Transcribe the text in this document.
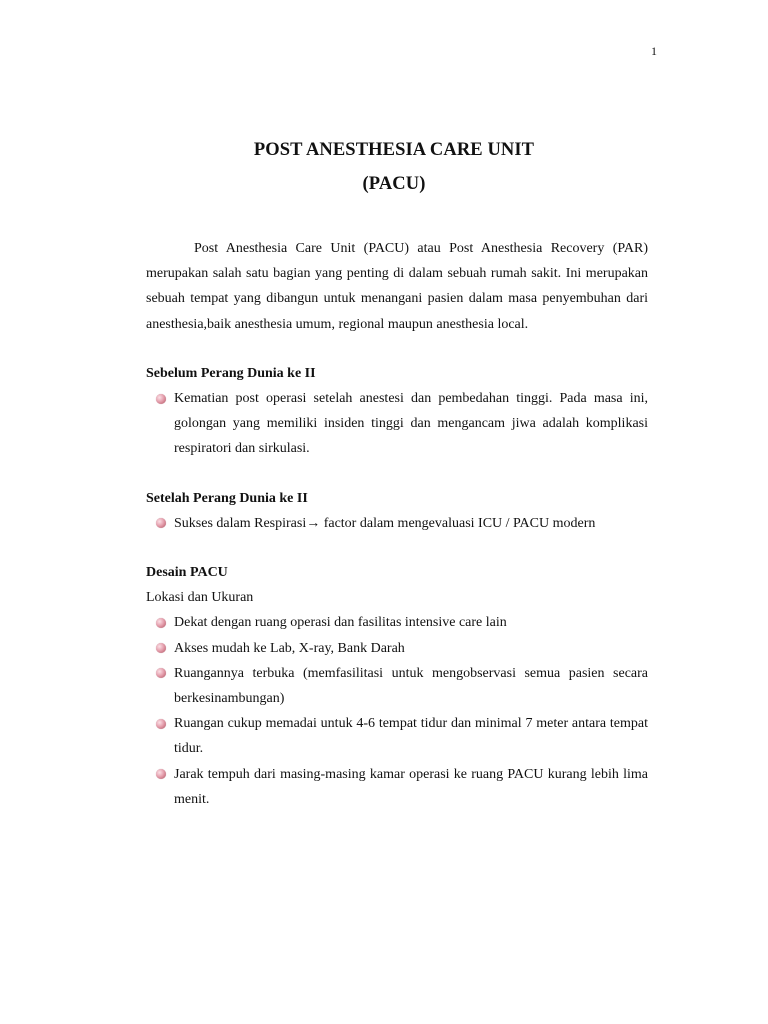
1
POST ANESTHESIA CARE UNIT
(PACU)

Post Anesthesia Care Unit (PACU) atau Post Anesthesia Recovery (PAR) merupakan salah satu bagian yang penting di dalam sebuah rumah sakit. Ini merupakan sebuah tempat yang dibangun untuk menangani pasien dalam masa penyembuhan dari anesthesia,baik anesthesia umum, regional maupun anesthesia local.

Sebelum Perang Dunia ke II

Kematian post operasi setelah anestesi dan pembedahan tinggi. Pada masa ini, golongan yang memiliki insiden tinggi dan mengancam jiwa adalah komplikasi respiratori dan sirkulasi.

Setelah Perang Dunia ke II

Sukses dalam Respirasi→ factor dalam mengevaluasi ICU / PACU modern

Desain PACU

Lokasi dan Ukuran

Dekat dengan ruang operasi dan fasilitas intensive care lain
Akses mudah ke Lab, X-ray, Bank Darah
Ruangannya terbuka (memfasilitasi untuk mengobservasi semua pasien secara berkesinambungan)
Ruangan cukup memadai untuk 4-6 tempat tidur dan minimal 7 meter antara tempat tidur.
Jarak tempuh dari masing-masing kamar operasi ke ruang PACU kurang lebih lima menit.
